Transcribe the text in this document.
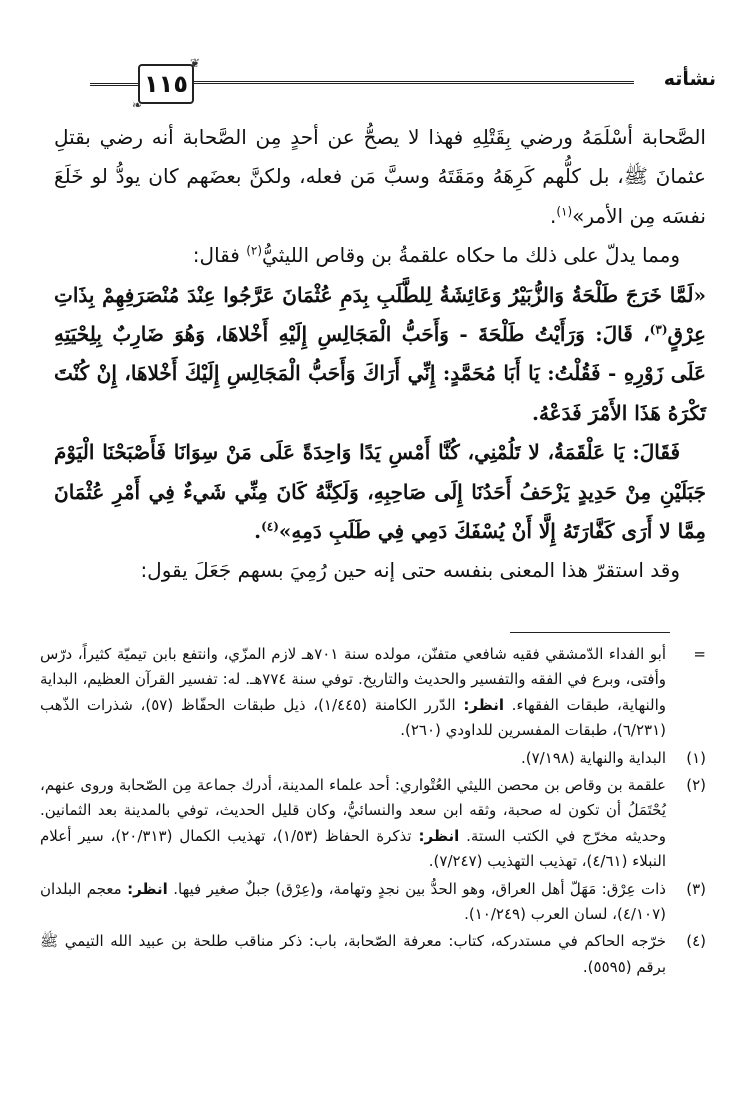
نشأته
❦
١١٥
❧

الصَّحابة أسْلَمَهُ ورضي بِقَتْلِهِ فهذا لا يصحُّ عن أحدٍ مِن الصَّحابة أنه رضي بقتلِ عثمانَ ﷺ، بل كلُّهم كَرِهَهُ ومَقَتَهُ وسبَّ مَن فعله، ولكنَّ بعضَهم كان يودُّ لو خَلَعَ نفسَه مِن الأمر»$^{(١)}$.

ومما يدلّ على ذلك ما حكاه علقمةُ بن وقاص الليثيُّ$^{(٢)}$ فقال:

«لَمَّا خَرَجَ طَلْحَةُ وَالزُّبَيْرُ وَعَائِشَةُ لِلطَّلَبِ بِدَمِ عُثْمَانَ عَرَّجُوا عِنْدَ مُنْصَرَفِهِمْ بِذَاتِ عِرْقٍ$^{(٣)}$، قَالَ: وَرَأَيْتُ طَلْحَةَ - وَأَحَبُّ الْمَجَالِسِ إِلَيْهِ أَخْلاهَا، وَهُوَ ضَارِبٌ بِلِحْيَتِهِ عَلَى زَوْرِهِ - فَقُلْتُ: يَا أَبَا مُحَمَّدٍ: إِنِّي أَرَاكَ وَأَحَبُّ الْمَجَالِسِ إِلَيْكَ أَخْلاهَا، إِنْ كُنْتَ تَكْرَهُ هَذَا الأَمْرَ فَدَعْهُ.

فَقَالَ: يَا عَلْقَمَةُ، لا تَلُمْنِي، كُنَّا أَمْسِ يَدًا وَاحِدَةً عَلَى مَنْ سِوَانَا فَأَصْبَحْنَا الْيَوْمَ جَبَلَيْنِ مِنْ حَدِيدٍ يَزْحَفُ أَحَدُنَا إِلَى صَاحِبِهِ، وَلَكِنَّهُ كَانَ مِنِّي شَيءٌ فِي أَمْرِ عُثْمَانَ مِمَّا لا أَرَى كَفَّارَتَهُ إِلَّا أَنْ يُسْفَكَ دَمِي فِي طَلَبِ دَمِهِ»$^{(٤)}$.

وقد استقرّ هذا المعنى بنفسه حتى إنه حين رُمِيَ بسهم جَعَلَ يقول:

=
أبو الفداء الدّمشقي فقيه شافعي متفنّن، مولده سنة ٧٠١هـ لازم المزّي، وانتفع بابن تيميّة كثيراً، درّس وأفتى، وبرع في الفقه والتفسير والحديث والتاريخ. توفي سنة ٧٧٤هـ. له: تفسير القرآن العظيم، البداية والنهاية، طبقات الفقهاء. انظر: الدّرر الكامنة (١/٤٤٥)، ذيل طبقات الحفّاظ (٥٧)، شذرات الذّهب (٦/٢٣١)، طبقات المفسرين للداودي (٢٦٠).
(١)
البداية والنهاية (٧/١٩٨).
(٢)
علقمة بن وقاص بن محصن الليثي العُتْواري: أحد علماء المدينة، أدرك جماعة مِن الصّحابة وروى عنهم، يُحْتَمَلُ أن تكون له صحبة، وثقه ابن سعد والنسائيُّ، وكان قليل الحديث، توفي بالمدينة بعد الثمانين. وحديثه مخرّج في الكتب الستة. انظر: تذكرة الحفاظ (١/٥٣)، تهذيب الكمال (٢٠/٣١٣)، سير أعلام النبلاء (٤/٦١)، تهذيب التهذيب (٧/٢٤٧).
(٣)
ذات عِرْق: مَهَلّ أهل العراق، وهو الحدُّ بين نجدٍ وتهامة، و(عِرْق) جبلٌ صغير فيها. انظر: معجم البلدان (٤/١٠٧)، لسان العرب (١٠/٢٤٩).
(٤)
خرّجه الحاكم في مستدركه، كتاب: معرفة الصّحابة، باب: ذكر مناقب طلحة بن عبيد الله التيمي ﷺ برقم (٥٥٩٥).
